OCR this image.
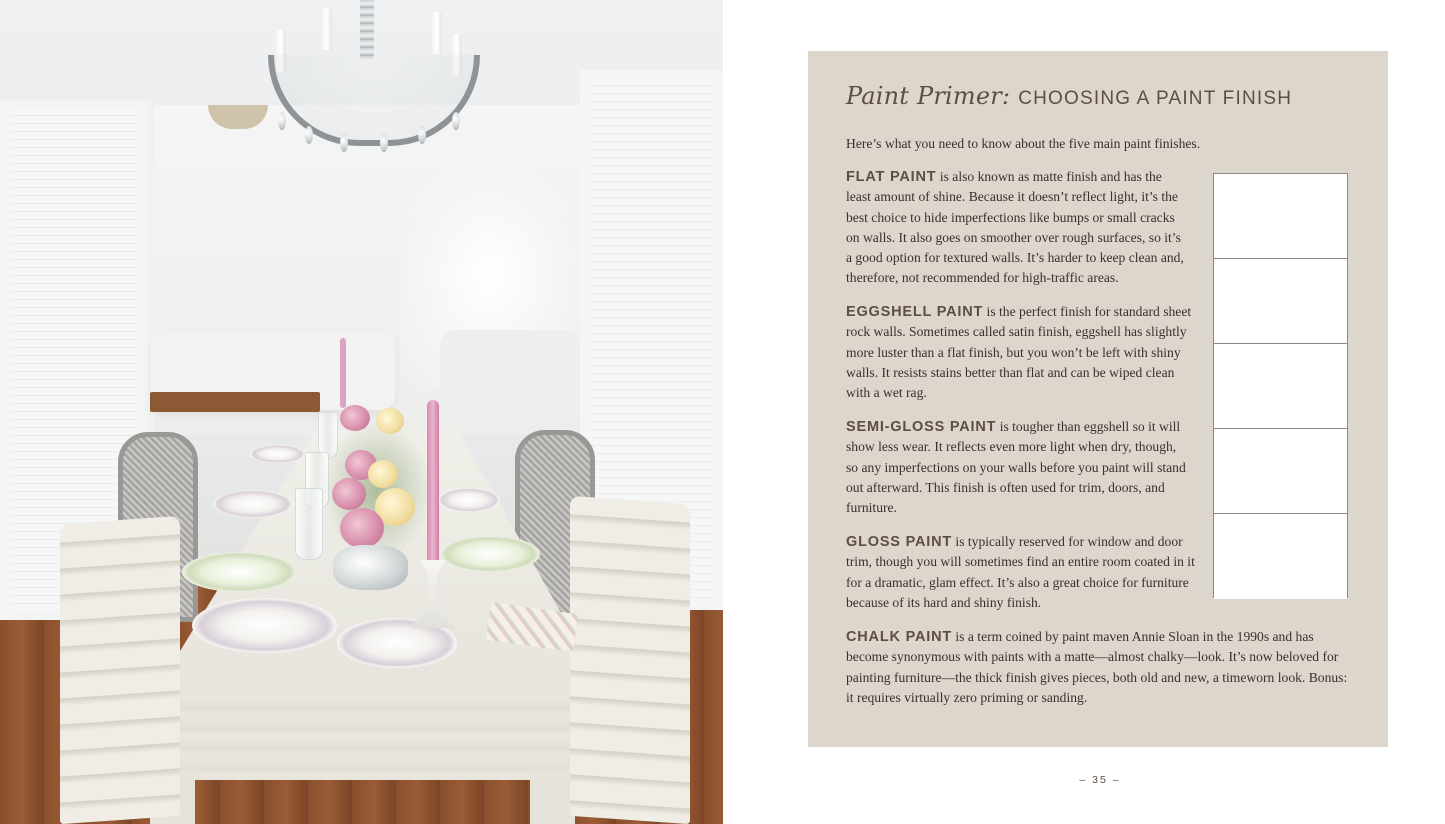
Paint Primer: CHOOSING A PAINT FINISH

Here’s what you need to know about the five main paint finishes.

FLAT PAINT is also known as matte finish and has the least amount of shine. Because it doesn’t reflect light, it’s the best choice to hide imperfections like bumps or small cracks on walls. It also goes on smoother over rough surfaces, so it’s a good option for textured walls. It’s harder to keep clean and, therefore, not recommended for high-traffic areas.

EGGSHELL PAINT is the perfect finish for standard sheet rock walls. Sometimes called satin finish, eggshell has slightly more luster than a flat finish, but you won’t be left with shiny walls. It resists stains better than flat and can be wiped clean with a wet rag.

SEMI-GLOSS PAINT is tougher than eggshell so it will show less wear. It reflects even more light when dry, though, so any imperfections on your walls before you paint will stand out afterward. This finish is often used for trim, doors, and furniture.

GLOSS PAINT is typically reserved for window and door trim, though you will sometimes find an entire room coated in it for a dramatic, glam effect. It’s also a great choice for furniture because of its hard and shiny finish.

CHALK PAINT is a term coined by paint maven Annie Sloan in the 1990s and has become synonymous with paints with a matte—almost chalky—look. It’s now beloved for painting furniture—the thick finish gives pieces, both old and new, a timeworn look. Bonus: it requires virtually zero priming or sanding.

– 35 –
